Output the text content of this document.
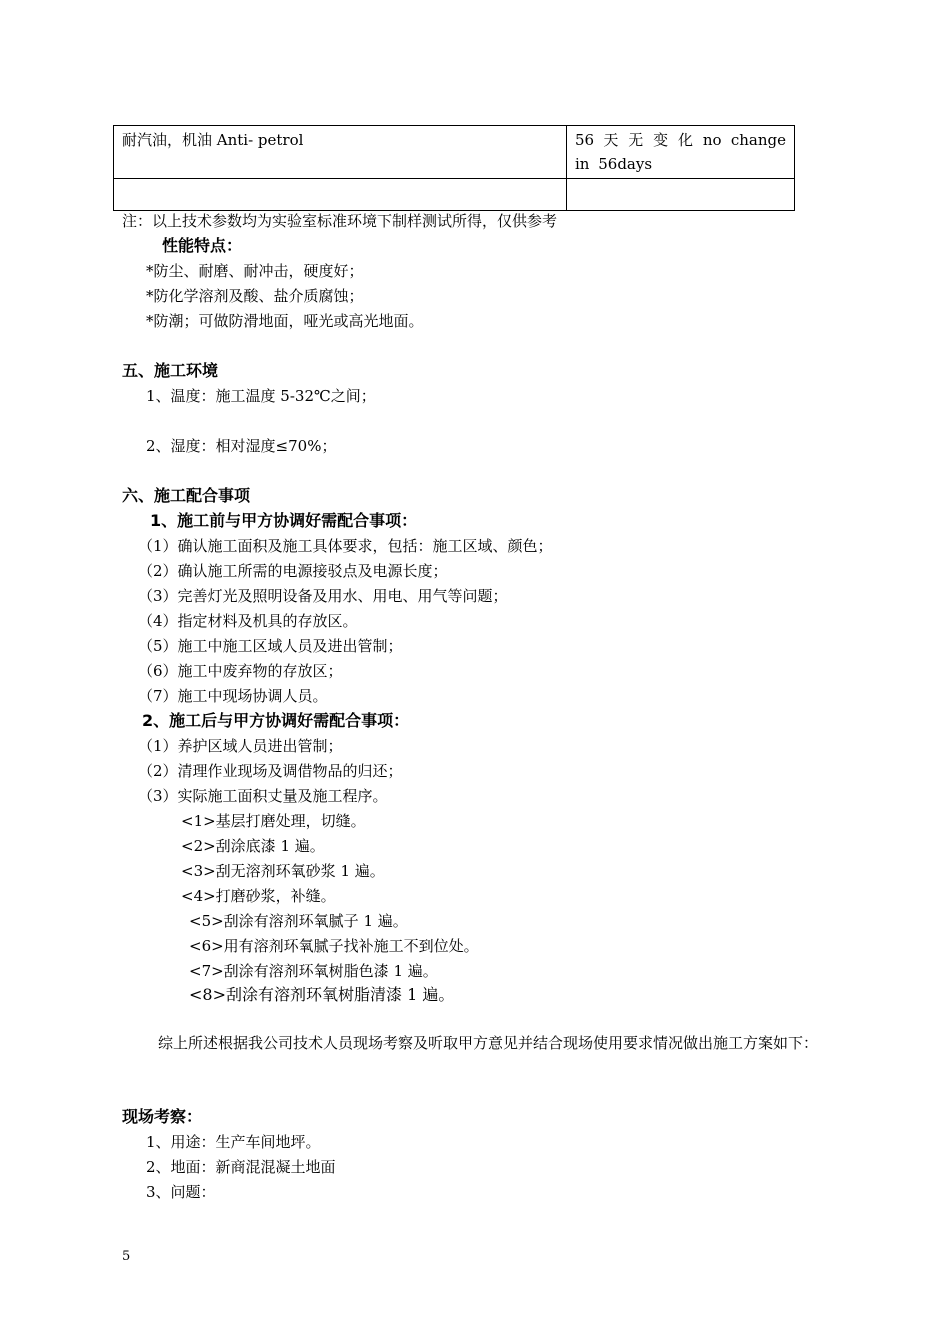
耐汽油，机油 Anti- petrol	56 天 无 变 化 no change in 56days

注：以上技术参数均为实验室标准环境下制样测试所得，仅供参考
性能特点：
*防尘、耐磨、耐冲击，硬度好；
*防化学溶剂及酸、盐介质腐蚀；
*防潮；可做防滑地面，哑光或高光地面。
五、施工环境
1、温度：施工温度 5-32℃之间；
2、湿度：相对湿度≤70%；
六、施工配合事项
1、施工前与甲方协调好需配合事项：
（1）确认施工面积及施工具体要求，包括：施工区域、颜色；
（2）确认施工所需的电源接驳点及电源长度；
（3）完善灯光及照明设备及用水、用电、用气等问题；
（4）指定材料及机具的存放区。
（5）施工中施工区域人员及进出管制；
（6）施工中废弃物的存放区；
（7）施工中现场协调人员。
2、施工后与甲方协调好需配合事项：
（1）养护区域人员进出管制；
（2）清理作业现场及调借物品的归还；
（3）实际施工面积丈量及施工程序。
<1>基层打磨处理，切缝。
<2>刮涂底漆 1 遍。
<3>刮无溶剂环氧砂浆 1 遍。
<4>打磨砂浆，补缝。
<5>刮涂有溶剂环氧腻子 1 遍。
<6>用有溶剂环氧腻子找补施工不到位处。
<7>刮涂有溶剂环氧树脂色漆 1 遍。
<8>刮涂有溶剂环氧树脂清漆 1 遍。
综上所述根据我公司技术人员现场考察及听取甲方意见并结合现场使用要求情况做出施工方案如下：
现场考察：
1、用途：生产车间地坪。
2、地面：新商混混凝土地面
3、问题：
5
